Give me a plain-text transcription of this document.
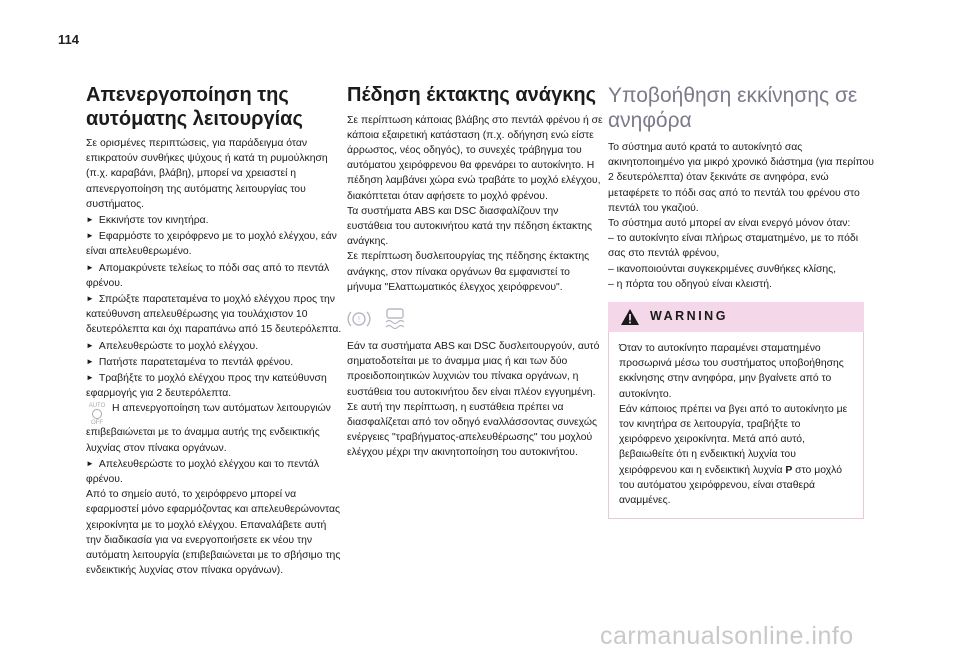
114
Απενεργοποίηση της αυτόματης λειτουργίας

Σε ορισμένες περιπτώσεις, για παράδειγμα όταν επικρατούν συνθήκες ψύχους ή κατά τη ρυμούλκηση (π.χ. καραβάνι, βλάβη), μπορεί να χρειαστεί η απενεργοποίηση της αυτόματης λειτουργίας του συστήματος.

► Εκκινήστε τον κινητήρα.
► Εφαρμόστε το χειρόφρενο με το μοχλό ελέγχου, εάν είναι απελευθερωμένο.
► Απομακρύνετε τελείως το πόδι σας από το πεντάλ φρένου.
► Σπρώξτε παρατεταμένα το μοχλό ελέγχου προς την κατεύθυνση απελευθέρωσης για τουλάχιστον 10 δευτερόλεπτα και όχι παραπάνω από 15 δευτερόλεπτα.
► Απελευθερώστε το μοχλό ελέγχου.
► Πατήστε παρατεταμένα το πεντάλ φρένου.
► Τραβήξτε το μοχλό ελέγχου προς την κατεύθυνση εφαρμογής για 2 δευτερόλεπτα.
AUTO
OFF
Η απενεργοποίηση των αυτόματων λειτουργιών επιβεβαιώνεται με το άναμμα αυτής της ενδεικτικής λυχνίας στον πίνακα οργάνων.
► Απελευθερώστε το μοχλό ελέγχου και το πεντάλ φρένου.

Από το σημείο αυτό, το χειρόφρενο μπορεί να εφαρμοστεί μόνο εφαρμόζοντας και απελευθερώνοντας χειροκίνητα με το μοχλό ελέγχου. Επαναλάβετε αυτή την διαδικασία για να ενεργοποιήσετε εκ νέου την αυτόματη λειτουργία (επιβεβαιώνεται με το σβήσιμο της ενδεικτικής λυχνίας στον πίνακα οργάνων).

Πέδηση έκτακτης ανάγκης

Σε περίπτωση κάποιας βλάβης στο πεντάλ φρένου ή σε κάποια εξαιρετική κατάσταση (π.χ. οδήγηση ενώ είστε άρρωστος, νέος οδηγός), το συνεχές τράβηγμα του αυτόματου χειρόφρενου θα φρενάρει το αυτοκίνητο. Η πέδηση λαμβάνει χώρα ενώ τραβάτε το μοχλό ελέγχου, διακόπτεται όταν αφήσετε το μοχλό φρένου.

Τα συστήματα ABS και DSC διασφαλίζουν την ευστάθεια του αυτοκινήτου κατά την πέδηση έκτακτης ανάγκης.

Σε περίπτωση δυσλειτουργίας της πέδησης έκτακτης ανάγκης, στον πίνακα οργάνων θα εμφανιστεί το μήνυμα "Ελαττωματικός έλεγχος χειρόφρενου".

!

Εάν τα συστήματα ABS και DSC δυσλειτουργούν, αυτό σηματοδοτείται με το άναμμα μιας ή και των δύο προειδοποιητικών λυχνιών του πίνακα οργάνων, η ευστάθεια του αυτοκινήτου δεν είναι πλέον εγγυημένη. Σε αυτή την περίπτωση, η ευστάθεια πρέπει να διασφαλίζεται από τον οδηγό εναλλάσσοντας συνεχώς ενέργειες "τραβήγματος-απελευθέρωσης" του μοχλού ελέγχου μέχρι την ακινητοποίηση του αυτοκινήτου.

Υποβοήθηση εκκίνησης σε ανηφόρα

Το σύστημα αυτό κρατά το αυτοκίνητό σας ακινητοποιημένο για μικρό χρονικό διάστημα (για περίπου 2 δευτερόλεπτα) όταν ξεκινάτε σε ανηφόρα, ενώ μεταφέρετε το πόδι σας από το πεντάλ του φρένου στο πεντάλ του γκαζιού.

Το σύστημα αυτό μπορεί αν είναι ενεργό μόνον όταν:

– το αυτοκίνητο είναι πλήρως σταματημένο, με το πόδι σας στο πεντάλ φρένου,
– ικανοποιούνται συγκεκριμένες συνθήκες κλίσης,
– η πόρτα του οδηγού είναι κλειστή.
WARNING

Όταν το αυτοκίνητο παραμένει σταματημένο προσωρινά μέσω του συστήματος υποβοήθησης εκκίνησης στην ανηφόρα, μην βγαίνετε από το αυτοκίνητο.

Εάν κάποιος πρέπει να βγει από το αυτοκίνητο με τον κινητήρα σε λειτουργία, τραβήξτε το χειρόφρενο χειροκίνητα. Μετά από αυτό, βεβαιωθείτε ότι η ενδεικτική λυχνία του χειρόφρενου και η ενδεικτική λυχνία P στο μοχλό του αυτόματου χειρόφρενου, είναι σταθερά αναμμένες.

carmanualsonline.info
